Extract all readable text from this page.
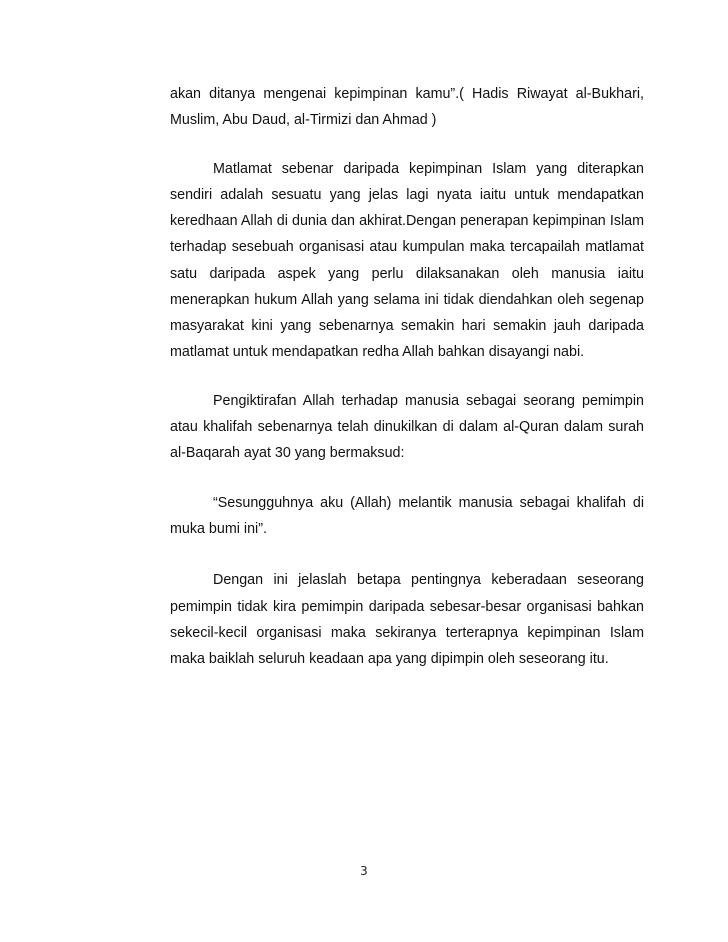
akan ditanya mengenai kepimpinan kamu”.( Hadis Riwayat al-Bukhari, Muslim, Abu Daud, al-Tirmizi dan Ahmad )

Matlamat sebenar daripada kepimpinan Islam yang diterapkan sendiri adalah sesuatu yang jelas lagi nyata iaitu untuk mendapatkan keredhaan Allah di dunia dan akhirat.Dengan penerapan kepimpinan Islam terhadap sesebuah organisasi atau kumpulan maka tercapailah matlamat satu daripada aspek yang perlu dilaksanakan oleh manusia iaitu menerapkan hukum Allah yang selama ini tidak diendahkan oleh segenap masyarakat kini yang sebenarnya semakin hari semakin jauh daripada matlamat untuk mendapatkan redha Allah bahkan disayangi nabi.

Pengiktirafan Allah terhadap manusia sebagai seorang pemimpin atau khalifah sebenarnya telah dinukilkan di dalam al-Quran dalam surah al-Baqarah ayat 30 yang bermaksud:

“Sesungguhnya aku (Allah) melantik manusia sebagai khalifah di muka bumi ini”.

Dengan ini jelaslah betapa pentingnya keberadaan seseorang pemimpin tidak kira pemimpin daripada sebesar-besar organisasi bahkan sekecil-kecil organisasi maka sekiranya terterapnya kepimpinan Islam maka baiklah seluruh keadaan apa yang dipimpin oleh seseorang itu.

3
